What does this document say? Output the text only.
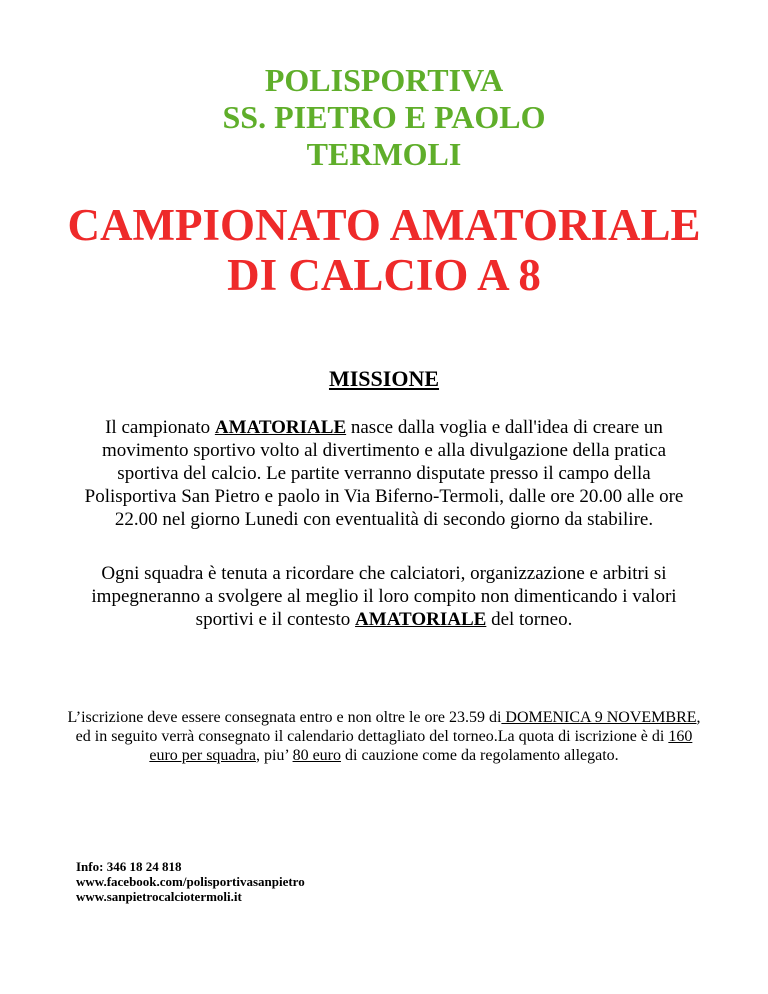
POLISPORTIVA
SS. PIETRO E PAOLO
TERMOLI
CAMPIONATO AMATORIALE
DI CALCIO A 8
MISSIONE
Il campionato AMATORIALE nasce dalla voglia e dall'idea di creare un movimento sportivo volto al divertimento e alla divulgazione della pratica sportiva del calcio. Le partite verranno disputate presso il campo della Polisportiva San Pietro e paolo in Via Biferno-Termoli, dalle ore 20.00 alle ore 22.00 nel giorno Lunedi con eventualità di secondo giorno da stabilire.
Ogni squadra è tenuta a ricordare che calciatori, organizzazione e arbitri si impegneranno a svolgere al meglio il loro compito non dimenticando i valori sportivi e il contesto AMATORIALE del torneo.
L’iscrizione deve essere consegnata entro e non oltre le ore 23.59 di DOMENICA 9 NOVEMBRE, ed in seguito verrà consegnato il calendario dettagliato del torneo.La quota di iscrizione è di 160 euro per squadra, piu’ 80 euro di cauzione come da regolamento allegato.
Info: 346 18 24 818
www.facebook.com/polisportivasanpietro
www.sanpietrocalciotermoli.it
